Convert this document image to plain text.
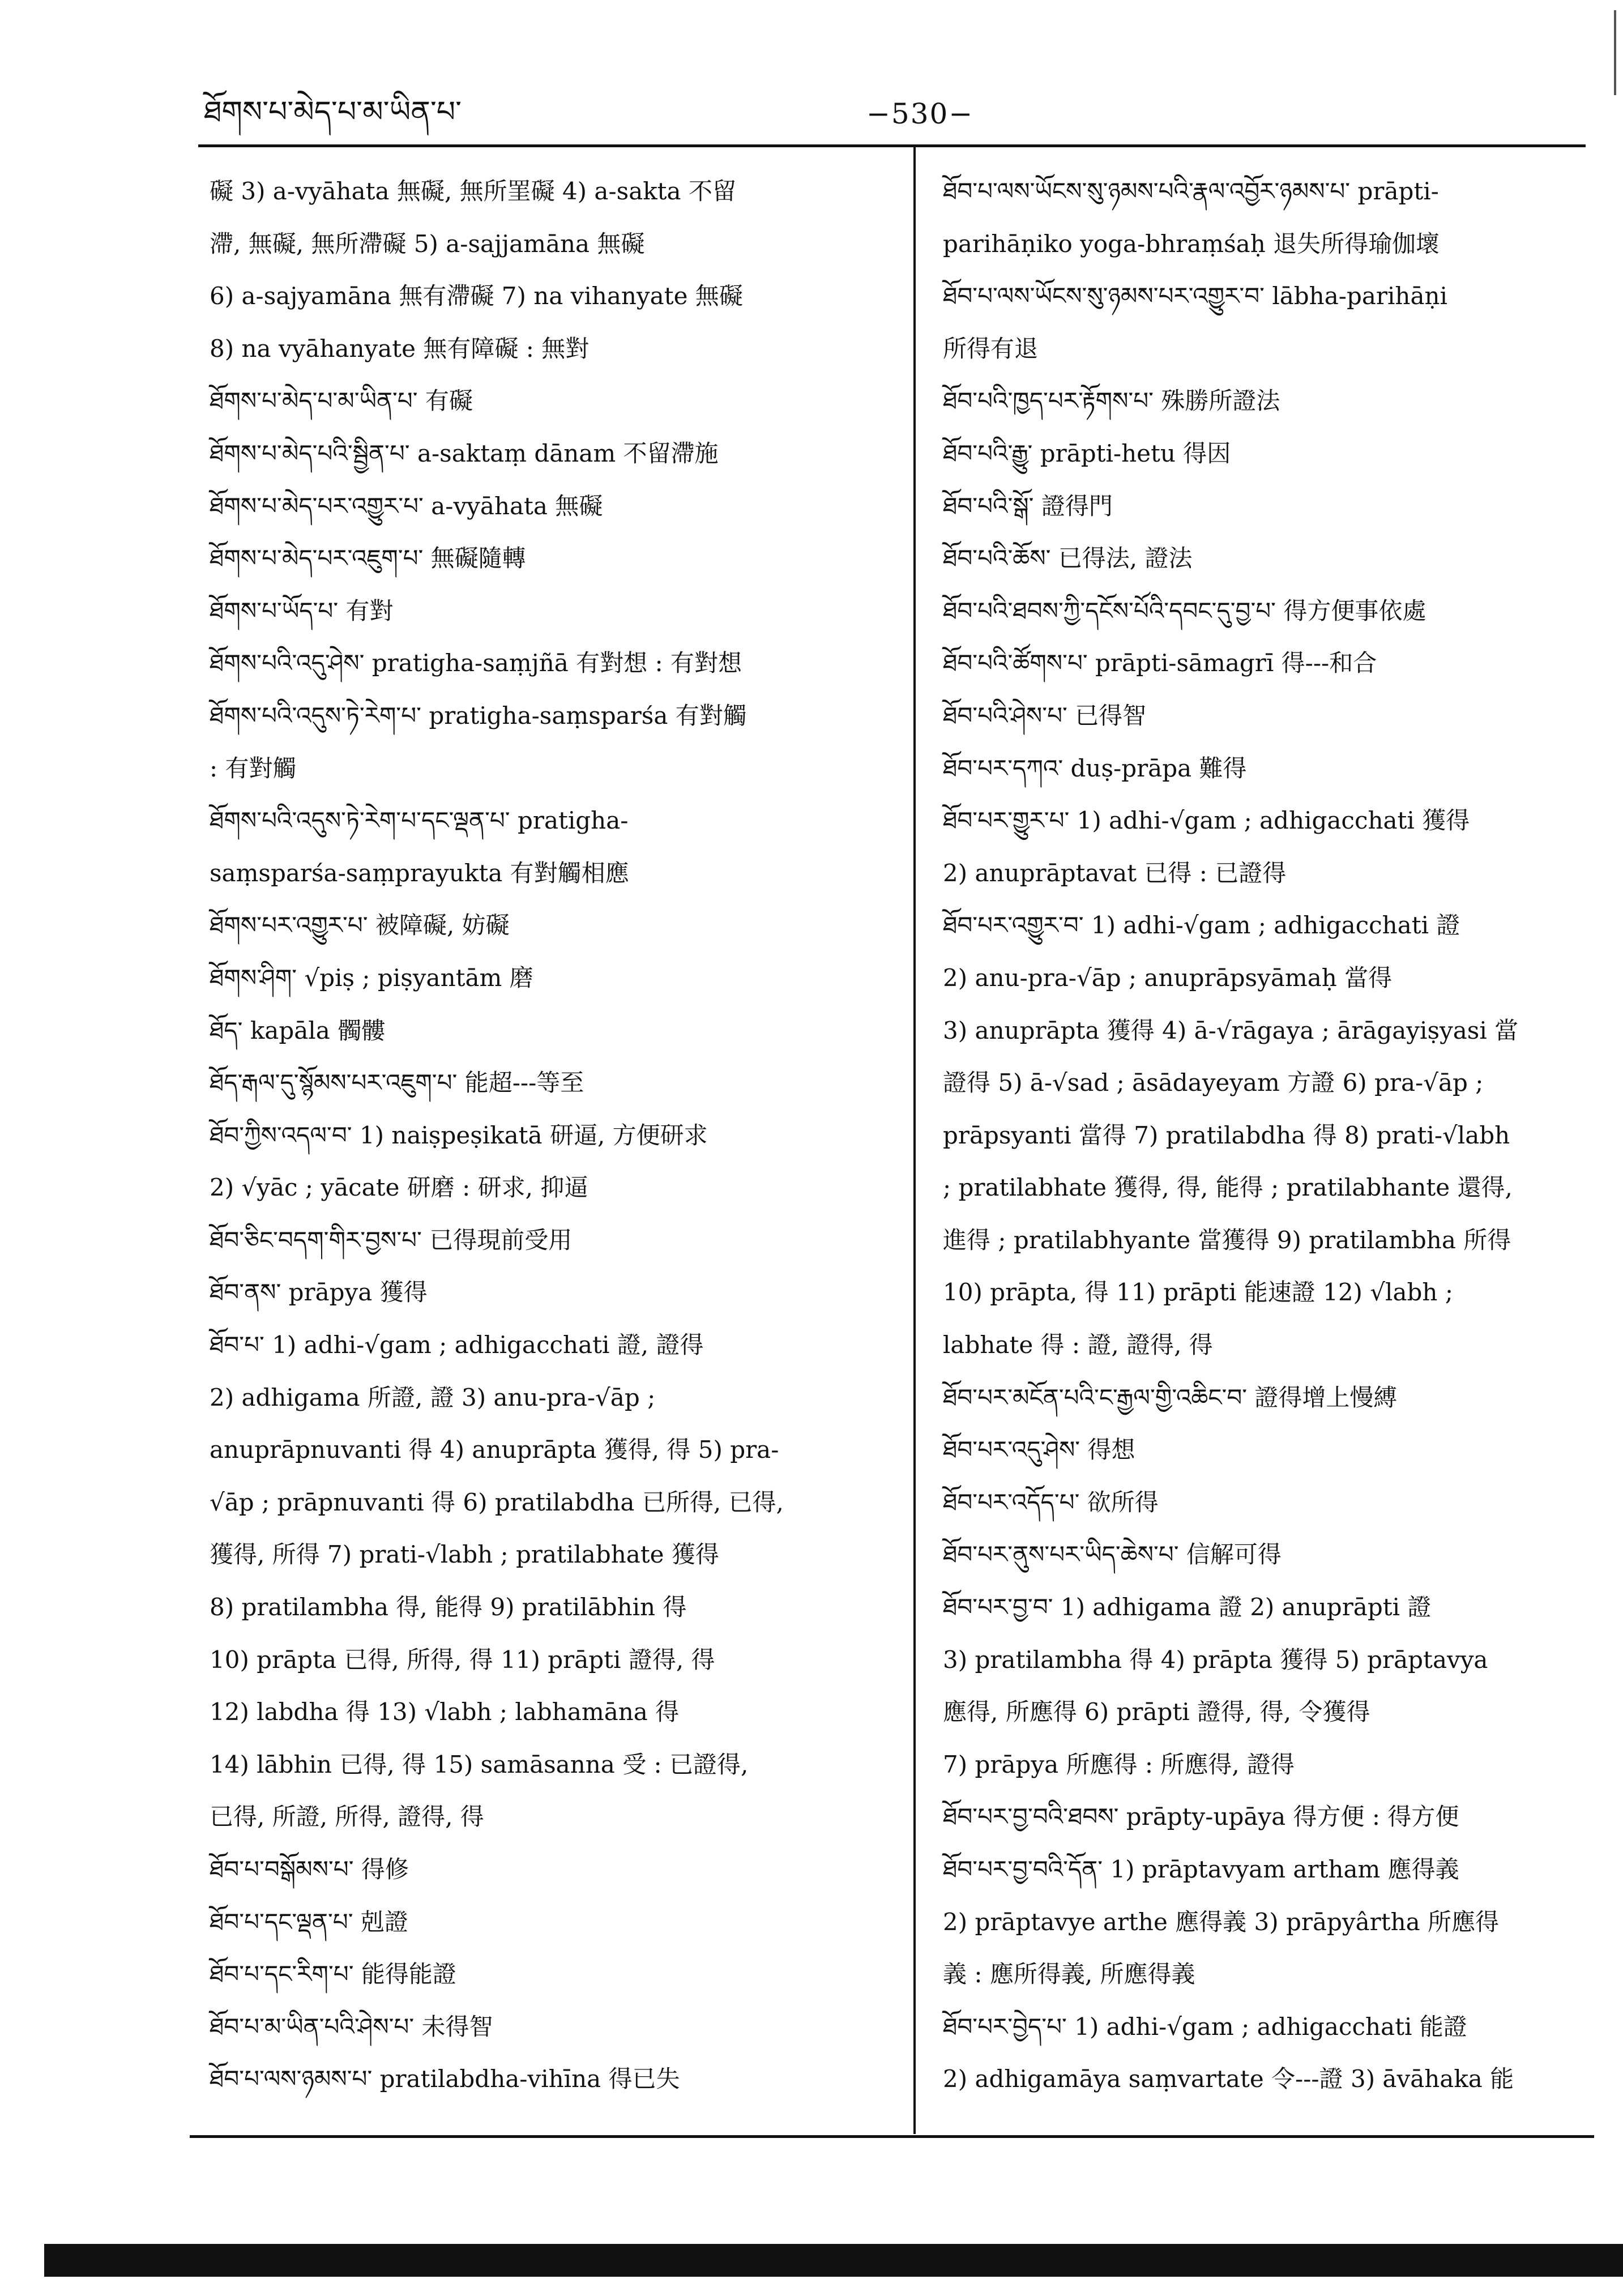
ཐོགས་པ་མེད་པ་མ་ཡིན་པ་	−530−
礙 3) a-vyāhata 無礙, 無所罣礙 4) a-sakta 不留
滯, 無礙, 無所滯礙 5) a-sajjamāna 無礙
6) a-sajyamāna 無有滯礙 7) na vihanyate 無礙
8) na vyāhanyate 無有障礙 : 無對
ཐོགས་པ་མེད་པ་མ་ཡིན་པ་ 有礙
ཐོགས་པ་མེད་པའི་སྦྱིན་པ་ a-saktaṃ dānam 不留滯施
ཐོགས་པ་མེད་པར་འགྱུར་པ་ a-vyāhata 無礙
ཐོགས་པ་མེད་པར་འཇུག་པ་ 無礙隨轉
ཐོགས་པ་ཡོད་པ་ 有對
ཐོགས་པའི་འདུ་ཤེས་ pratigha-saṃjñā 有對想 : 有對想
ཐོགས་པའི་འདུས་ཏེ་རེག་པ་ pratigha-saṃsparśa 有對觸
: 有對觸
ཐོགས་པའི་འདུས་ཏེ་རེག་པ་དང་ལྡན་པ་ pratigha-
saṃsparśa-saṃprayukta 有對觸相應
ཐོགས་པར་འགྱུར་པ་ 被障礙, 妨礙
ཐོགས་ཤིག་ √piṣ ; piṣyantām 磨
ཐོད་ kapāla 髑髏
ཐོད་རྒལ་དུ་སྙོམས་པར་འཇུག་པ་ 能超---等至
ཐོབ་ཀྱིས་འདལ་བ་ 1) naiṣpeṣikatā 研逼, 方便研求
2) √yāc ; yācate 研磨 : 研求, 抑逼
ཐོབ་ཅིང་བདག་གིར་བྱས་པ་ 已得現前受用
ཐོབ་ནས་ prāpya 獲得
ཐོབ་པ་ 1) adhi-√gam ; adhigacchati 證, 證得
2) adhigama 所證, 證 3) anu-pra-√āp ;
anuprāpnuvanti 得 4) anuprāpta 獲得, 得 5) pra-
√āp ; prāpnuvanti 得 6) pratilabdha 已所得, 已得,
獲得, 所得 7) prati-√labh ; pratilabhate 獲得
8) pratilambha 得, 能得 9) pratilābhin 得
10) prāpta 已得, 所得, 得 11) prāpti 證得, 得
12) labdha 得 13) √labh ; labhamāna 得
14) lābhin 已得, 得 15) samāsanna 受 : 已證得,
已得, 所證, 所得, 證得, 得
ཐོབ་པ་བསྒོམས་པ་ 得修
ཐོབ་པ་དང་ལྡན་པ་ 剋證
ཐོབ་པ་དང་རིག་པ་ 能得能證
ཐོབ་པ་མ་ཡིན་པའི་ཤེས་པ་ 未得智
ཐོབ་པ་ལས་ཉམས་པ་ pratilabdha-vihīna 得已失
ཐོབ་པ་ལས་ཡོངས་སུ་ཉམས་པའི་རྣལ་འབྱོར་ཉམས་པ་ prāpti-
parihāṇiko yoga-bhraṃśaḥ 退失所得瑜伽壞
ཐོབ་པ་ལས་ཡོངས་སུ་ཉམས་པར་འགྱུར་བ་ lābha-parihāṇi
所得有退
ཐོབ་པའི་ཁྱད་པར་རྟོགས་པ་ 殊勝所證法
ཐོབ་པའི་རྒྱུ་ prāpti-hetu 得因
ཐོབ་པའི་སྒོ་ 證得門
ཐོབ་པའི་ཆོས་ 已得法, 證法
ཐོབ་པའི་ཐབས་ཀྱི་དངོས་པོའི་དབང་དུ་བྱ་པ་ 得方便事依處
ཐོབ་པའི་ཚོགས་པ་ prāpti-sāmagrī 得---和合
ཐོབ་པའི་ཤེས་པ་ 已得智
ཐོབ་པར་དཀའ་ duṣ-prāpa 難得
ཐོབ་པར་གྱུར་པ་ 1) adhi-√gam ; adhigacchati 獲得
2) anuprāptavat 已得 : 已證得
ཐོབ་པར་འགྱུར་བ་ 1) adhi-√gam ; adhigacchati 證
2) anu-pra-√āp ; anuprāpsyāmaḥ 當得
3) anuprāpta 獲得 4) ā-√rāgaya ; ārāgayiṣyasi 當
證得 5) ā-√sad ; āsādayeyam 方證 6) pra-√āp ;
prāpsyanti 當得 7) pratilabdha 得 8) prati-√labh
; pratilabhate 獲得, 得, 能得 ; pratilabhante 還得,
進得 ; pratilabhyante 當獲得 9) pratilambha 所得
10) prāpta, 得 11) prāpti 能速證 12) √labh ;
labhate 得 : 證, 證得, 得
ཐོབ་པར་མངོན་པའི་ང་རྒྱལ་གྱི་འཆིང་བ་ 證得增上慢縛
ཐོབ་པར་འདུ་ཤེས་ 得想
ཐོབ་པར་འདོད་པ་ 欲所得
ཐོབ་པར་ནུས་པར་ཡིད་ཆེས་པ་ 信解可得
ཐོབ་པར་བྱ་བ་ 1) adhigama 證 2) anuprāpti 證
3) pratilambha 得 4) prāpta 獲得 5) prāptavya
應得, 所應得 6) prāpti 證得, 得, 令獲得
7) prāpya 所應得 : 所應得, 證得
ཐོབ་པར་བྱ་བའི་ཐབས་ prāpty-upāya 得方便 : 得方便
ཐོབ་པར་བྱ་བའི་དོན་ 1) prāptavyam artham 應得義
2) prāptavye arthe 應得義 3) prāpyârtha 所應得
義 : 應所得義, 所應得義
ཐོབ་པར་བྱེད་པ་ 1) adhi-√gam ; adhigacchati 能證
2) adhigamāya saṃvartate 令---證 3) āvāhaka 能
